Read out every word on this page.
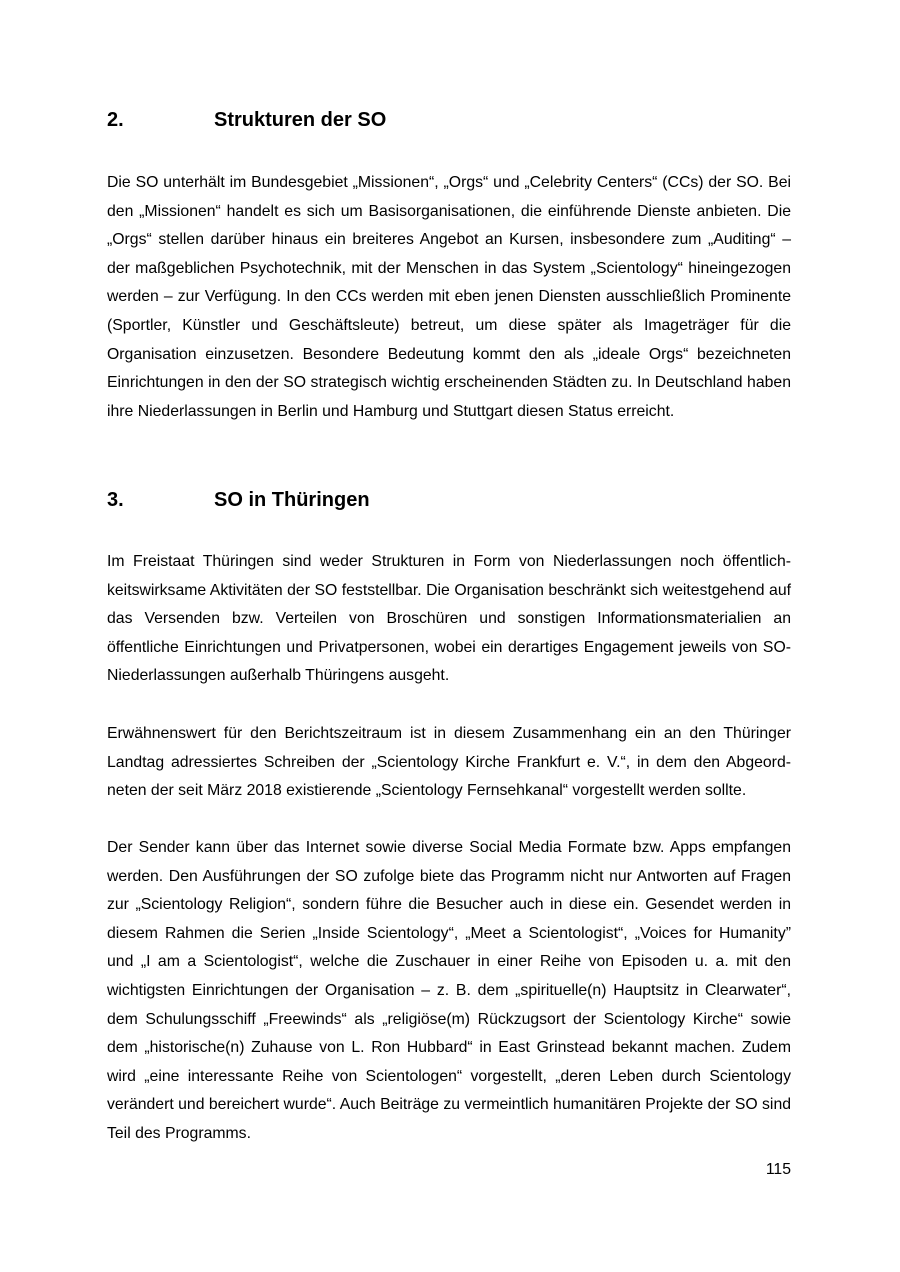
2.	Strukturen der SO

Die SO unterhält im Bundesgebiet „Missionen“, „Orgs“ und „Celebrity Centers“ (CCs) der SO. Bei den „Missionen“ handelt es sich um Basisorganisationen, die einführende Dienste anbieten. Die „Orgs“ stellen darüber hinaus ein breiteres Angebot an Kursen, insbesondere zum „Auditing“ – der maßgeblichen Psychotechnik, mit der Menschen in das System „Scientology“ hineingezogen werden – zur Verfügung. In den CCs werden mit eben jenen Diensten ausschließlich Prominente (Sportler, Künstler und Geschäftsleute) betreut, um diese später als Imageträger für die Organisation einzusetzen. Besondere Bedeutung kommt den als „ideale Orgs“ bezeichneten Einrichtungen in den der SO strategisch wichtig erscheinenden Städten zu. In Deutschland haben ihre Niederlassungen in Berlin und Hamburg und Stuttgart diesen Status erreicht.

3.	SO in Thüringen

Im Freistaat Thüringen sind weder Strukturen in Form von Niederlassungen noch öffentlichkeitswirksame Aktivitäten der SO feststellbar. Die Organisation beschränkt sich weitestgehend auf das Versenden bzw. Verteilen von Broschüren und sonstigen Informationsmaterialien an öffentliche Einrichtungen und Privatpersonen, wobei ein derartiges Engagement jeweils von SO-Niederlassungen außerhalb Thüringens ausgeht.

Erwähnenswert für den Berichtszeitraum ist in diesem Zusammenhang ein an den Thüringer Landtag adressiertes Schreiben der „Scientology Kirche Frankfurt e. V.“, in dem den Abgeordneten der seit März 2018 existierende „Scientology Fernsehkanal“ vorgestellt werden sollte.

Der Sender kann über das Internet sowie diverse Social Media Formate bzw. Apps empfangen werden. Den Ausführungen der SO zufolge biete das Programm nicht nur Antworten auf Fragen zur „Scientology Religion“, sondern führe die Besucher auch in diese ein. Gesendet werden in diesem Rahmen die Serien „Inside Scientology“, „Meet a Scientologist“, „Voices for Humanity” und „I am a Scientologist“, welche die Zuschauer in einer Reihe von Episoden u. a. mit den wichtigsten Einrichtungen der Organisation – z. B. dem „spirituelle(n) Hauptsitz in Clearwater“, dem Schulungsschiff „Freewinds“ als „religiöse(m) Rückzugsort der Scientology Kirche“ sowie dem „historische(n) Zuhause von L. Ron Hubbard“ in East Grinstead bekannt machen. Zudem wird „eine interessante Reihe von Scientologen“ vorgestellt, „deren Leben durch Scientology verändert und bereichert wurde“. Auch Beiträge zu vermeintlich humanitären Projekte der SO sind Teil des Programms.

115
